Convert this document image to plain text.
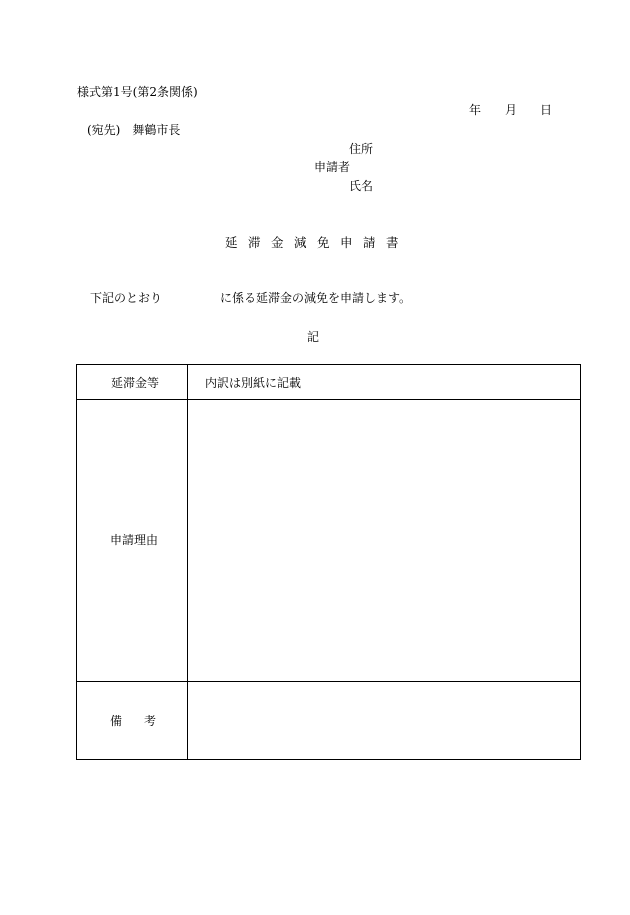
様式第1号(第2条関係)
年 月 日
(宛先)　舞鶴市長
住所
申請者
氏名
延 滞 金 減 免 申 請 書
下記のとおり	に係る延滞金の減免を申請します。
記
延滞金等	内訳は別紙に記載
申請理由
備 考
